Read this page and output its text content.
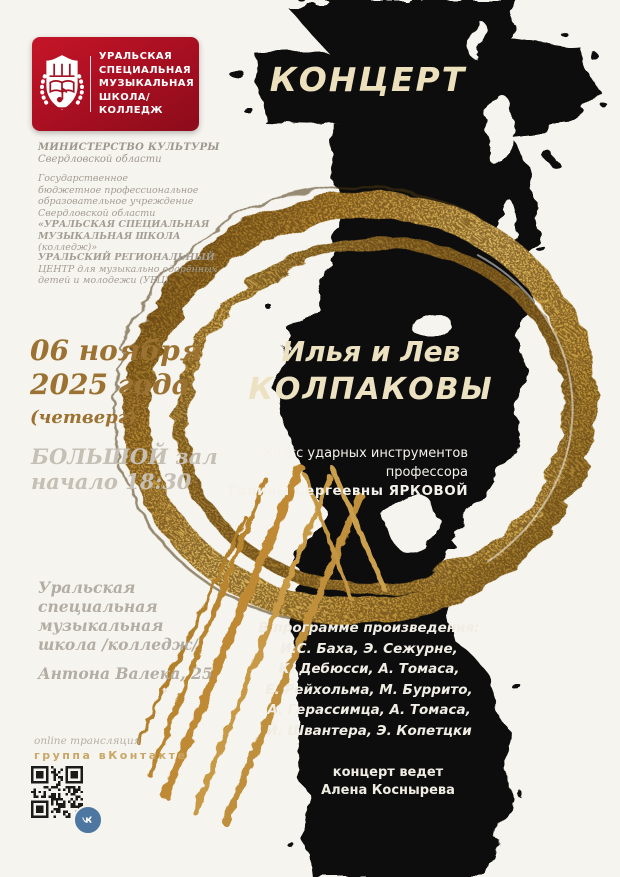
УРАЛЬСКАЯ
СПЕЦИАЛЬНАЯ
МУЗЫКАЛЬНАЯ
ШКОЛА/КОЛЛЕДЖ
МИНИСТЕРСТВО КУЛЬТУРЫ
Свердловской области
Государственное
бюджетное профессиональное
образовательное учреждение
Свердловской области
«УРАЛЬСКАЯ СПЕЦИАЛЬНАЯ
МУЗЫКАЛЬНАЯ ШКОЛА
(колледж)»
УРАЛЬСКИЙ РЕГИОНАЛЬНЫЙ
ЦЕНТР для музыкально одарённых
детей и молодежи (УРЦ)
06 ноября
2025 года
(четверг)
БОЛЬШОЙ зал
начало 18:30
Уральская
специальная
музыкальная
школа /колледж/
Антона Валека, 25
online трансляция
группа вКонтакте
КОНЦЕРТ
Илья и Лев
КОЛПАКОВЫ
Класс ударных инструментов
профессора
Галины Сергеевны ЯРКОВОЙ
В программе произведения:
И.С. Баха, Э. Сежурне,
К. Дебюсси, А. Томаса,
Е. Рейхольма, М. Буррито,
А. Герассимца, А. Томаса,
Й. Швантера, Э. Копетцки
концерт ведет
Алена Коснырева
